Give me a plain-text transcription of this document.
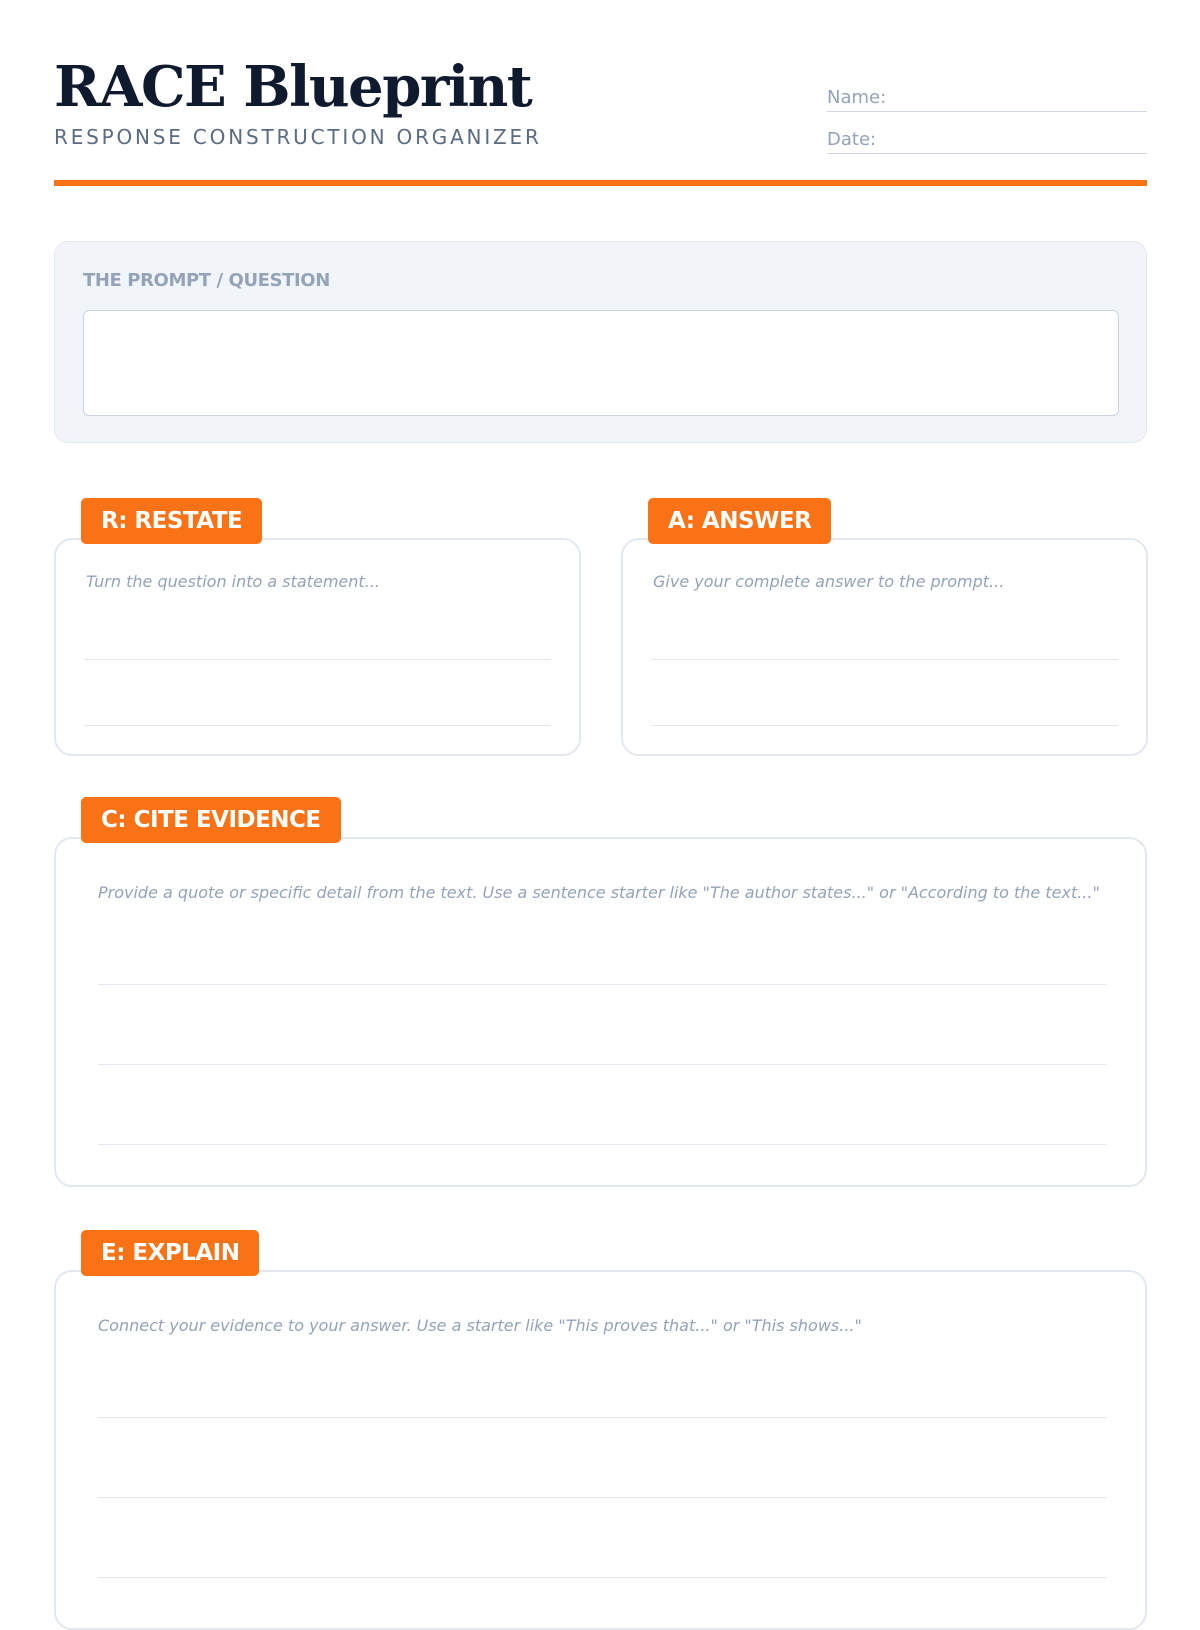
RACE Blueprint
RESPONSE CONSTRUCTION ORGANIZER
Name:
Date:
THE PROMPT / QUESTION
R: RESTATE
Turn the question into a statement...
A: ANSWER
Give your complete answer to the prompt...
C: CITE EVIDENCE
Provide a quote or specific detail from the text. Use a sentence starter like "The author states..." or "According to the text..."
E: EXPLAIN
Connect your evidence to your answer. Use a starter like "This proves that..." or "This shows..."
